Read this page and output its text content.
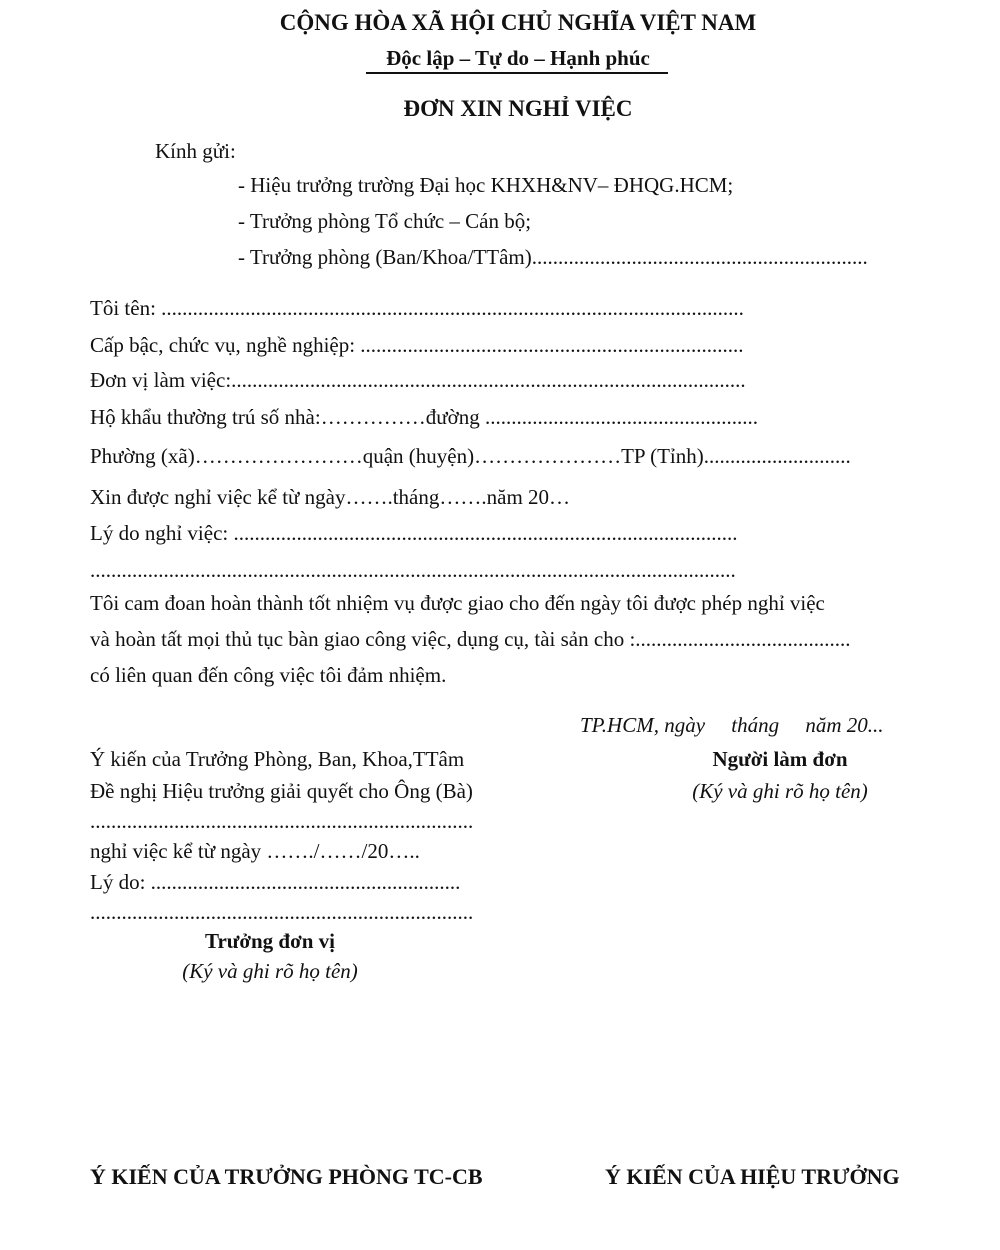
CỘNG HÒA XÃ HỘI CHỦ NGHĨA VIỆT NAM
Độc lập – Tự do – Hạnh phúc
ĐƠN XIN NGHỈ VIỆC
Kính gửi:
- Hiệu trưởng trường Đại học KHXH&NV– ĐHQG.HCM;
- Trưởng phòng Tổ chức – Cán bộ;
- Trưởng phòng (Ban/Khoa/TTâm)................................................................
Tôi tên: ...............................................................................................................
Cấp bậc, chức vụ, nghề nghiệp: .........................................................................
Đơn vị làm việc:..................................................................................................
Hộ khẩu thường trú số nhà:……………đường ....................................................
Phường (xã)……………………quận (huyện)…………………TP (Tỉnh)............................
Xin được nghỉ việc kể từ ngày…….tháng…….năm 20…
Lý do nghỉ việc: ................................................................................................
...........................................................................................................................
Tôi cam đoan hoàn thành tốt nhiệm vụ được giao cho đến ngày tôi được phép nghỉ việc
và hoàn tất mọi thủ tục bàn giao công việc, dụng cụ, tài sản cho :.........................................
có liên quan đến công việc tôi đảm nhiệm.
TP.HCM, ngày     tháng     năm 20...
Người làm đơn
(Ký và ghi rõ họ tên)
Ý kiến của Trưởng Phòng, Ban, Khoa,TTâm
Đề nghị Hiệu trưởng giải quyết cho Ông (Bà)
.........................................................................
nghỉ việc kể từ ngày ……./……/20…..
Lý do: ...........................................................
.........................................................................
Trưởng đơn vị
(Ký và ghi rõ họ tên)
Ý KIẾN CỦA TRƯỞNG PHÒNG TC-CB	Ý KIẾN CỦA HIỆU TRƯỞNG
